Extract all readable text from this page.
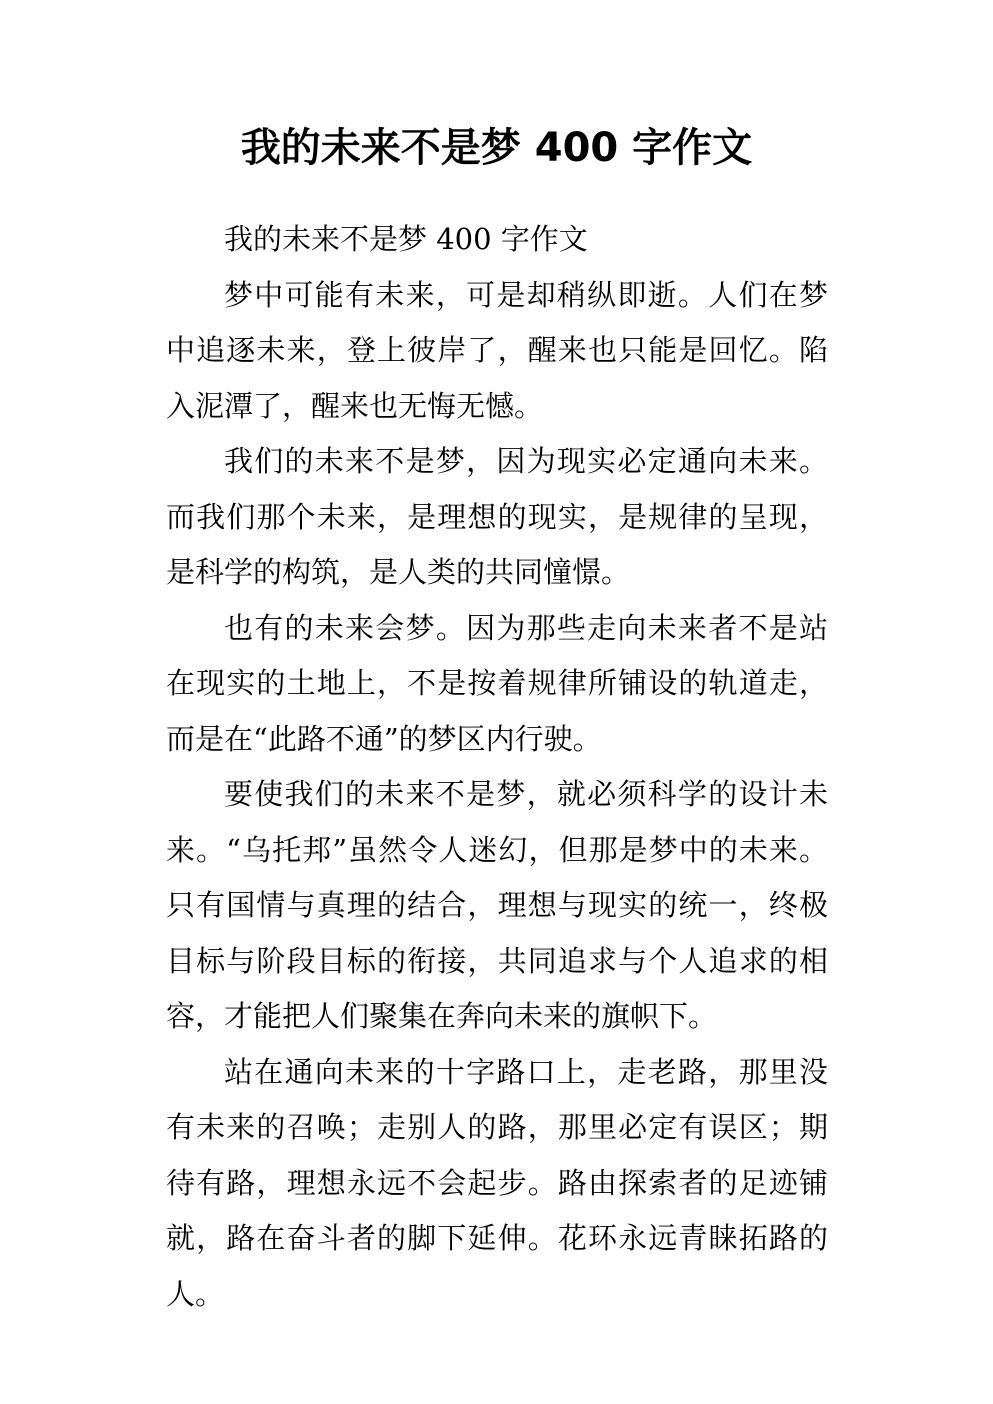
我的未来不是梦 400 字作文

我的未来不是梦 400 字作文

梦中可能有未来，可是却稍纵即逝。人们在梦中追逐未来，登上彼岸了，醒来也只能是回忆。陷入泥潭了，醒来也无悔无憾。

我们的未来不是梦，因为现实必定通向未来。而我们那个未来，是理想的现实，是规律的呈现，是科学的构筑，是人类的共同憧憬。

也有的未来会梦。因为那些走向未来者不是站在现实的土地上，不是按着规律所铺设的轨道走，而是在“此路不通”的梦区内行驶。

要使我们的未来不是梦，就必须科学的设计未来。“乌托邦”虽然令人迷幻，但那是梦中的未来。只有国情与真理的结合，理想与现实的统一，终极目标与阶段目标的衔接，共同追求与个人追求的相容，才能把人们聚集在奔向未来的旗帜下。

站在通向未来的十字路口上，走老路，那里没有未来的召唤；走别人的路，那里必定有误区；期待有路，理想永远不会起步。路由探索者的足迹铺就，路在奋斗者的脚下延伸。花环永远青睐拓路的人。
